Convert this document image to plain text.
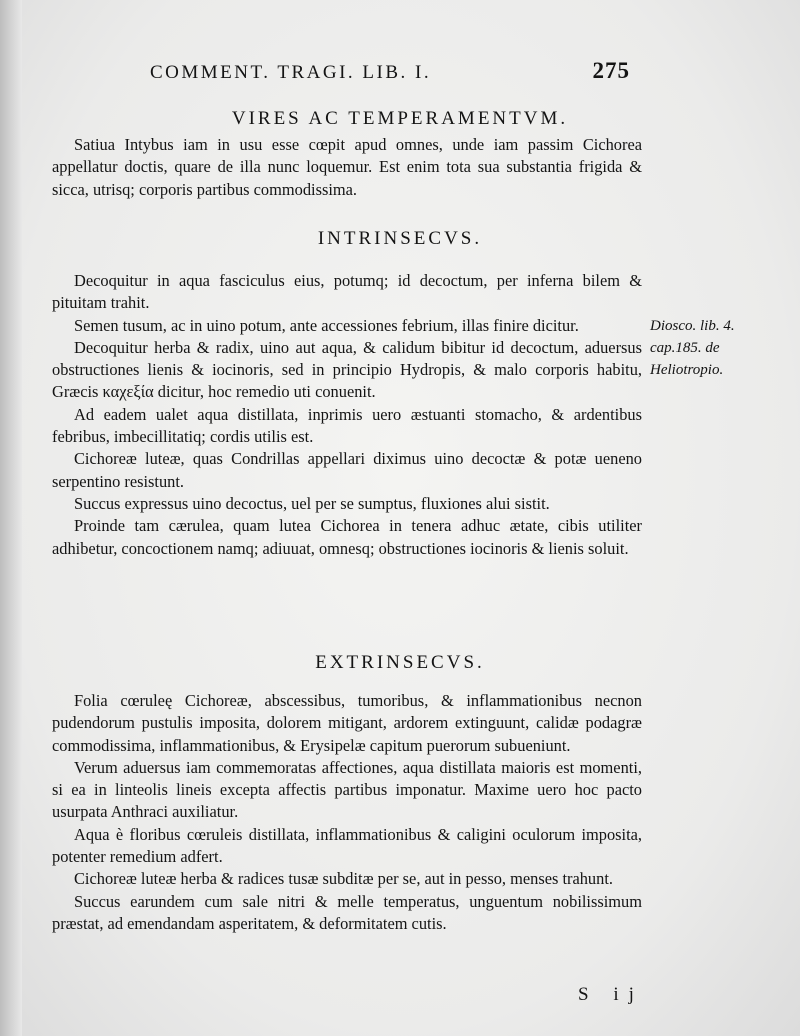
COMMENT. TRAGI. LIB. I.	275
VIRES AC TEMPERAMENTVM.

Satiua Intybus iam in usu esse cœpit apud omnes, unde iam passim Cichorea appellatur doctis, quare de illa nunc loquemur. Est enim tota sua substantia frigida & sicca, utrisq; corporis partibus commodissima.

INTRINSECVS.

Decoquitur in aqua fasciculus eius, potumq; id decoctum, per inferna bilem & pituitam trahit.

Semen tusum, ac in uino potum, ante accessiones febrium, illas finire dicitur.

Decoquitur herba & radix, uino aut aqua, & calidum bibitur id decoctum, aduersus obstructiones lienis & iocinoris, sed in principio Hydropis, & malo corporis habitu, Græcis καχεξία dicitur, hoc remedio uti conuenit.

Ad eadem ualet aqua distillata, inprimis uero æstuanti stomacho, & ardentibus febribus, imbecillitatiq; cordis utilis est.

Cichoreæ luteæ, quas Condrillas appellari diximus uino decoctæ & potæ ueneno serpentino resistunt.

Succus expressus uino decoctus, uel per se sumptus, fluxiones alui sistit.

Proinde tam cærulea, quam lutea Cichorea in tenera adhuc ætate, cibis utiliter adhibetur, concoctionem namq; adiuuat, omnesq; obstructiones iocinoris & lienis soluit.

Diosco. lib. 4. cap.185. de Heliotropio.
EXTRINSECVS.

Folia cœruleę Cichoreæ, abscessibus, tumoribus, & inflammationibus necnon pudendorum pustulis imposita, dolorem mitigant, ardorem extinguunt, calidæ podagræ commodissima, inflammationibus, & Erysipelæ capitum puerorum subueniunt.

Verum aduersus iam commemoratas affectiones, aqua distillata maioris est momenti, si ea in linteolis lineis excepta affectis partibus imponatur. Maxime uero hoc pacto usurpata Anthraci auxiliatur.

Aqua è floribus cœruleis distillata, inflammationibus & caligini oculorum imposita, potenter remedium adfert.

Cichoreæ luteæ herba & radices tusæ subditæ per se, aut in pesso, menses trahunt.

Succus earundem cum sale nitri & melle temperatus, unguentum nobilissimum præstat, ad emendandam asperitatem, & deformitatem cutis.

S ij
